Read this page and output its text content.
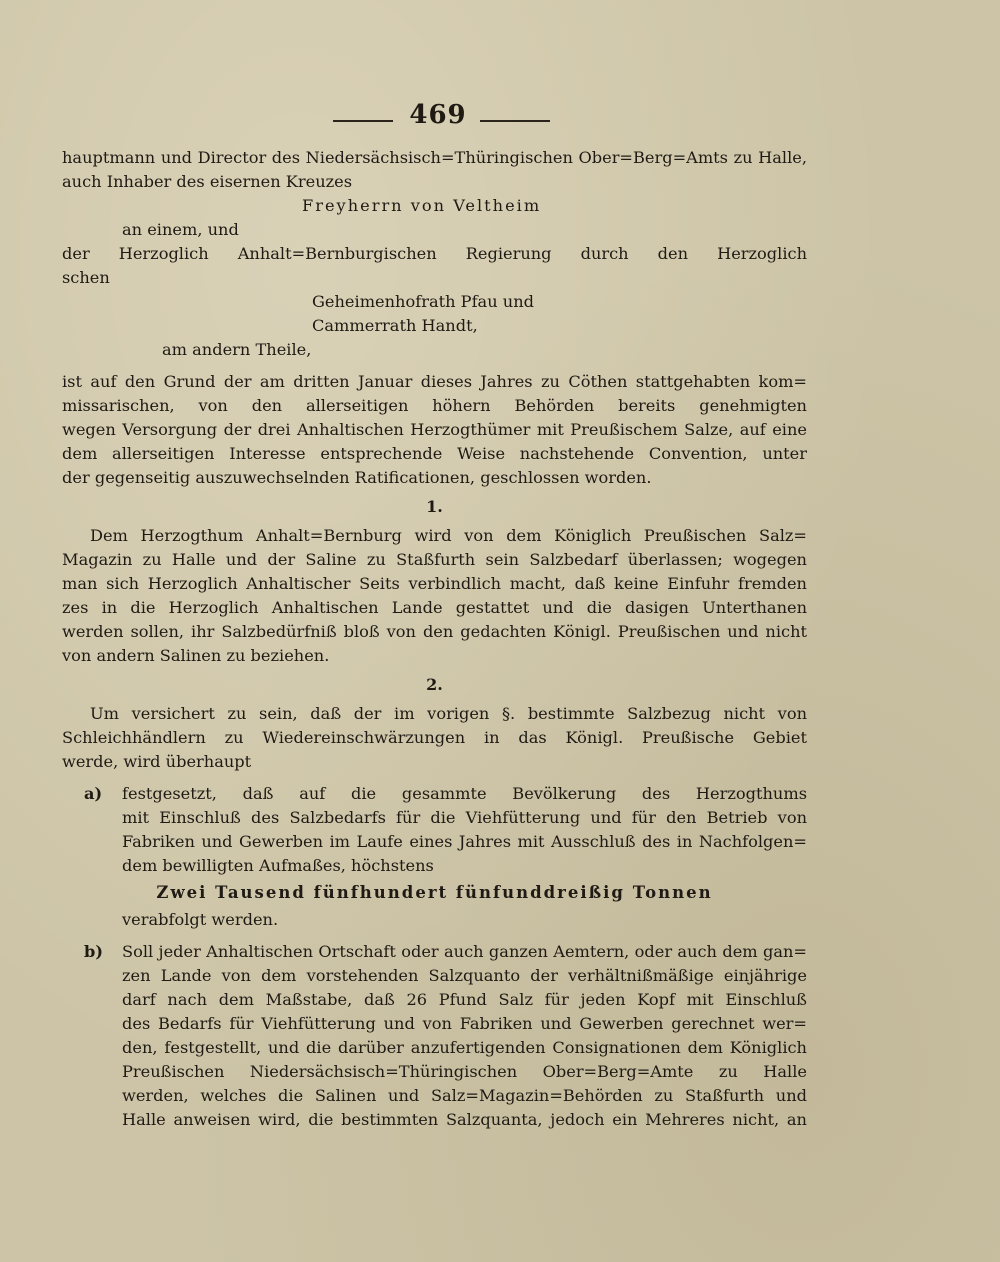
469
hauptmann und Director des Niedersächsisch=Thüringischen Ober=Berg=Amts zu Halle,
auch Inhaber des eisernen Kreuzes
Freyherrn von Veltheim
an einem, und
der Herzoglich Anhalt=Bernburgischen Regierung durch den Herzoglich
schen
Geheimenhofrath Pfau und
Cammerrath Handt,
am andern Theile,
ist auf den Grund der am dritten Januar dieses Jahres zu Cöthen stattgehabten kom=
missarischen, von den allerseitigen höhern Behörden bereits genehmigten
wegen Versorgung der drei Anhaltischen Herzogthümer mit Preußischem Salze, auf eine
dem allerseitigen Interesse entsprechende Weise nachstehende Convention, unter
der gegenseitig auszuwechselnden Ratificationen, geschlossen worden.
1.
Dem Herzogthum Anhalt=Bernburg wird von dem Königlich Preußischen Salz=
Magazin zu Halle und der Saline zu Staßfurth sein Salzbedarf überlassen; wogegen
man sich Herzoglich Anhaltischer Seits verbindlich macht, daß keine Einfuhr fremden
zes in die Herzoglich Anhaltischen Lande gestattet und die dasigen Unterthanen
werden sollen, ihr Salzbedürfniß bloß von den gedachten Königl. Preußischen und nicht
von andern Salinen zu beziehen.
2.
Um versichert zu sein, daß der im vorigen §. bestimmte Salzbezug nicht von
Schleichhändlern zu Wiedereinschwärzungen in das Königl. Preußische Gebiet
werde, wird überhaupt
a) festgesetzt, daß auf die gesammte Bevölkerung des Herzogthums
mit Einschluß des Salzbedarfs für die Viehfütterung und für den Betrieb von
Fabriken und Gewerben im Laufe eines Jahres mit Ausschluß des in Nachfolgen=
dem bewilligten Aufmaßes, höchstens
Zwei Tausend fünfhundert fünfunddreißig Tonnen
verabfolgt werden.
b) Soll jeder Anhaltischen Ortschaft oder auch ganzen Aemtern, oder auch dem gan=
zen Lande von dem vorstehenden Salzquanto der verhältnißmäßige einjährige
darf nach dem Maßstabe, daß 26 Pfund Salz für jeden Kopf mit Einschluß
des Bedarfs für Viehfütterung und von Fabriken und Gewerben gerechnet wer=
den, festgestellt, und die darüber anzufertigenden Consignationen dem Königlich
Preußischen Niedersächsisch=Thüringischen Ober=Berg=Amte zu Halle
werden, welches die Salinen und Salz=Magazin=Behörden zu Staßfurth und
Halle anweisen wird, die bestimmten Salzquanta, jedoch ein Mehreres nicht, an
